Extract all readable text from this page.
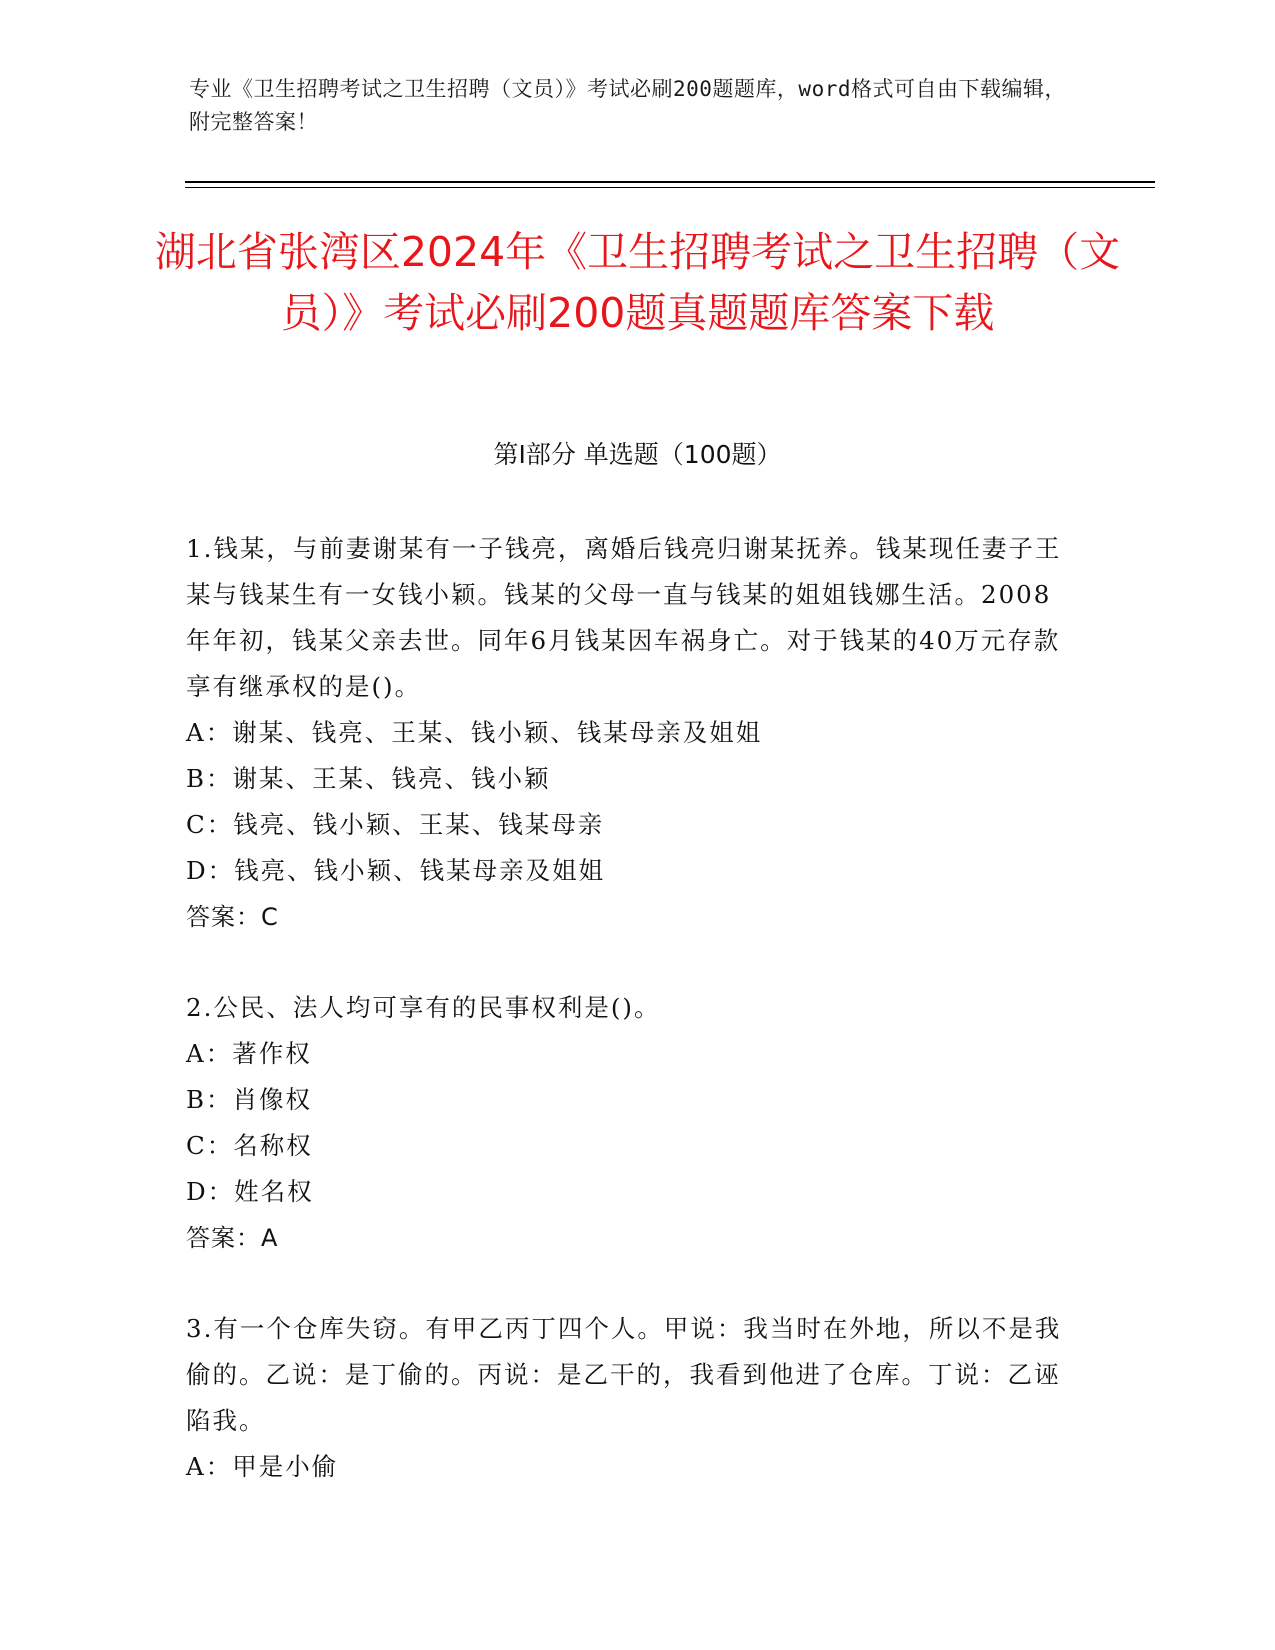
专业《卫生招聘考试之卫生招聘（文员）》考试必刷200题题库，word格式可自由下载编辑，附完整答案！
湖北省张湾区2024年《卫生招聘考试之卫生招聘（文员）》考试必刷200题真题题库答案下载
第Ⅰ部分 单选题（100题）
1.钱某，与前妻谢某有一子钱亮，离婚后钱亮归谢某抚养。钱某现任妻子王某与钱某生有一女钱小颖。钱某的父母一直与钱某的姐姐钱娜生活。2008年年初，钱某父亲去世。同年6月钱某因车祸身亡。对于钱某的40万元存款享有继承权的是()。
A：谢某、钱亮、王某、钱小颖、钱某母亲及姐姐
B：谢某、王某、钱亮、钱小颖
C：钱亮、钱小颖、王某、钱某母亲
D：钱亮、钱小颖、钱某母亲及姐姐
答案：C
2.公民、法人均可享有的民事权利是()。
A：著作权
B：肖像权
C：名称权
D：姓名权
答案：A
3.有一个仓库失窃。有甲乙丙丁四个人。甲说：我当时在外地，所以不是我偷的。乙说：是丁偷的。丙说：是乙干的，我看到他进了仓库。丁说：乙诬陷我。
A：甲是小偷
